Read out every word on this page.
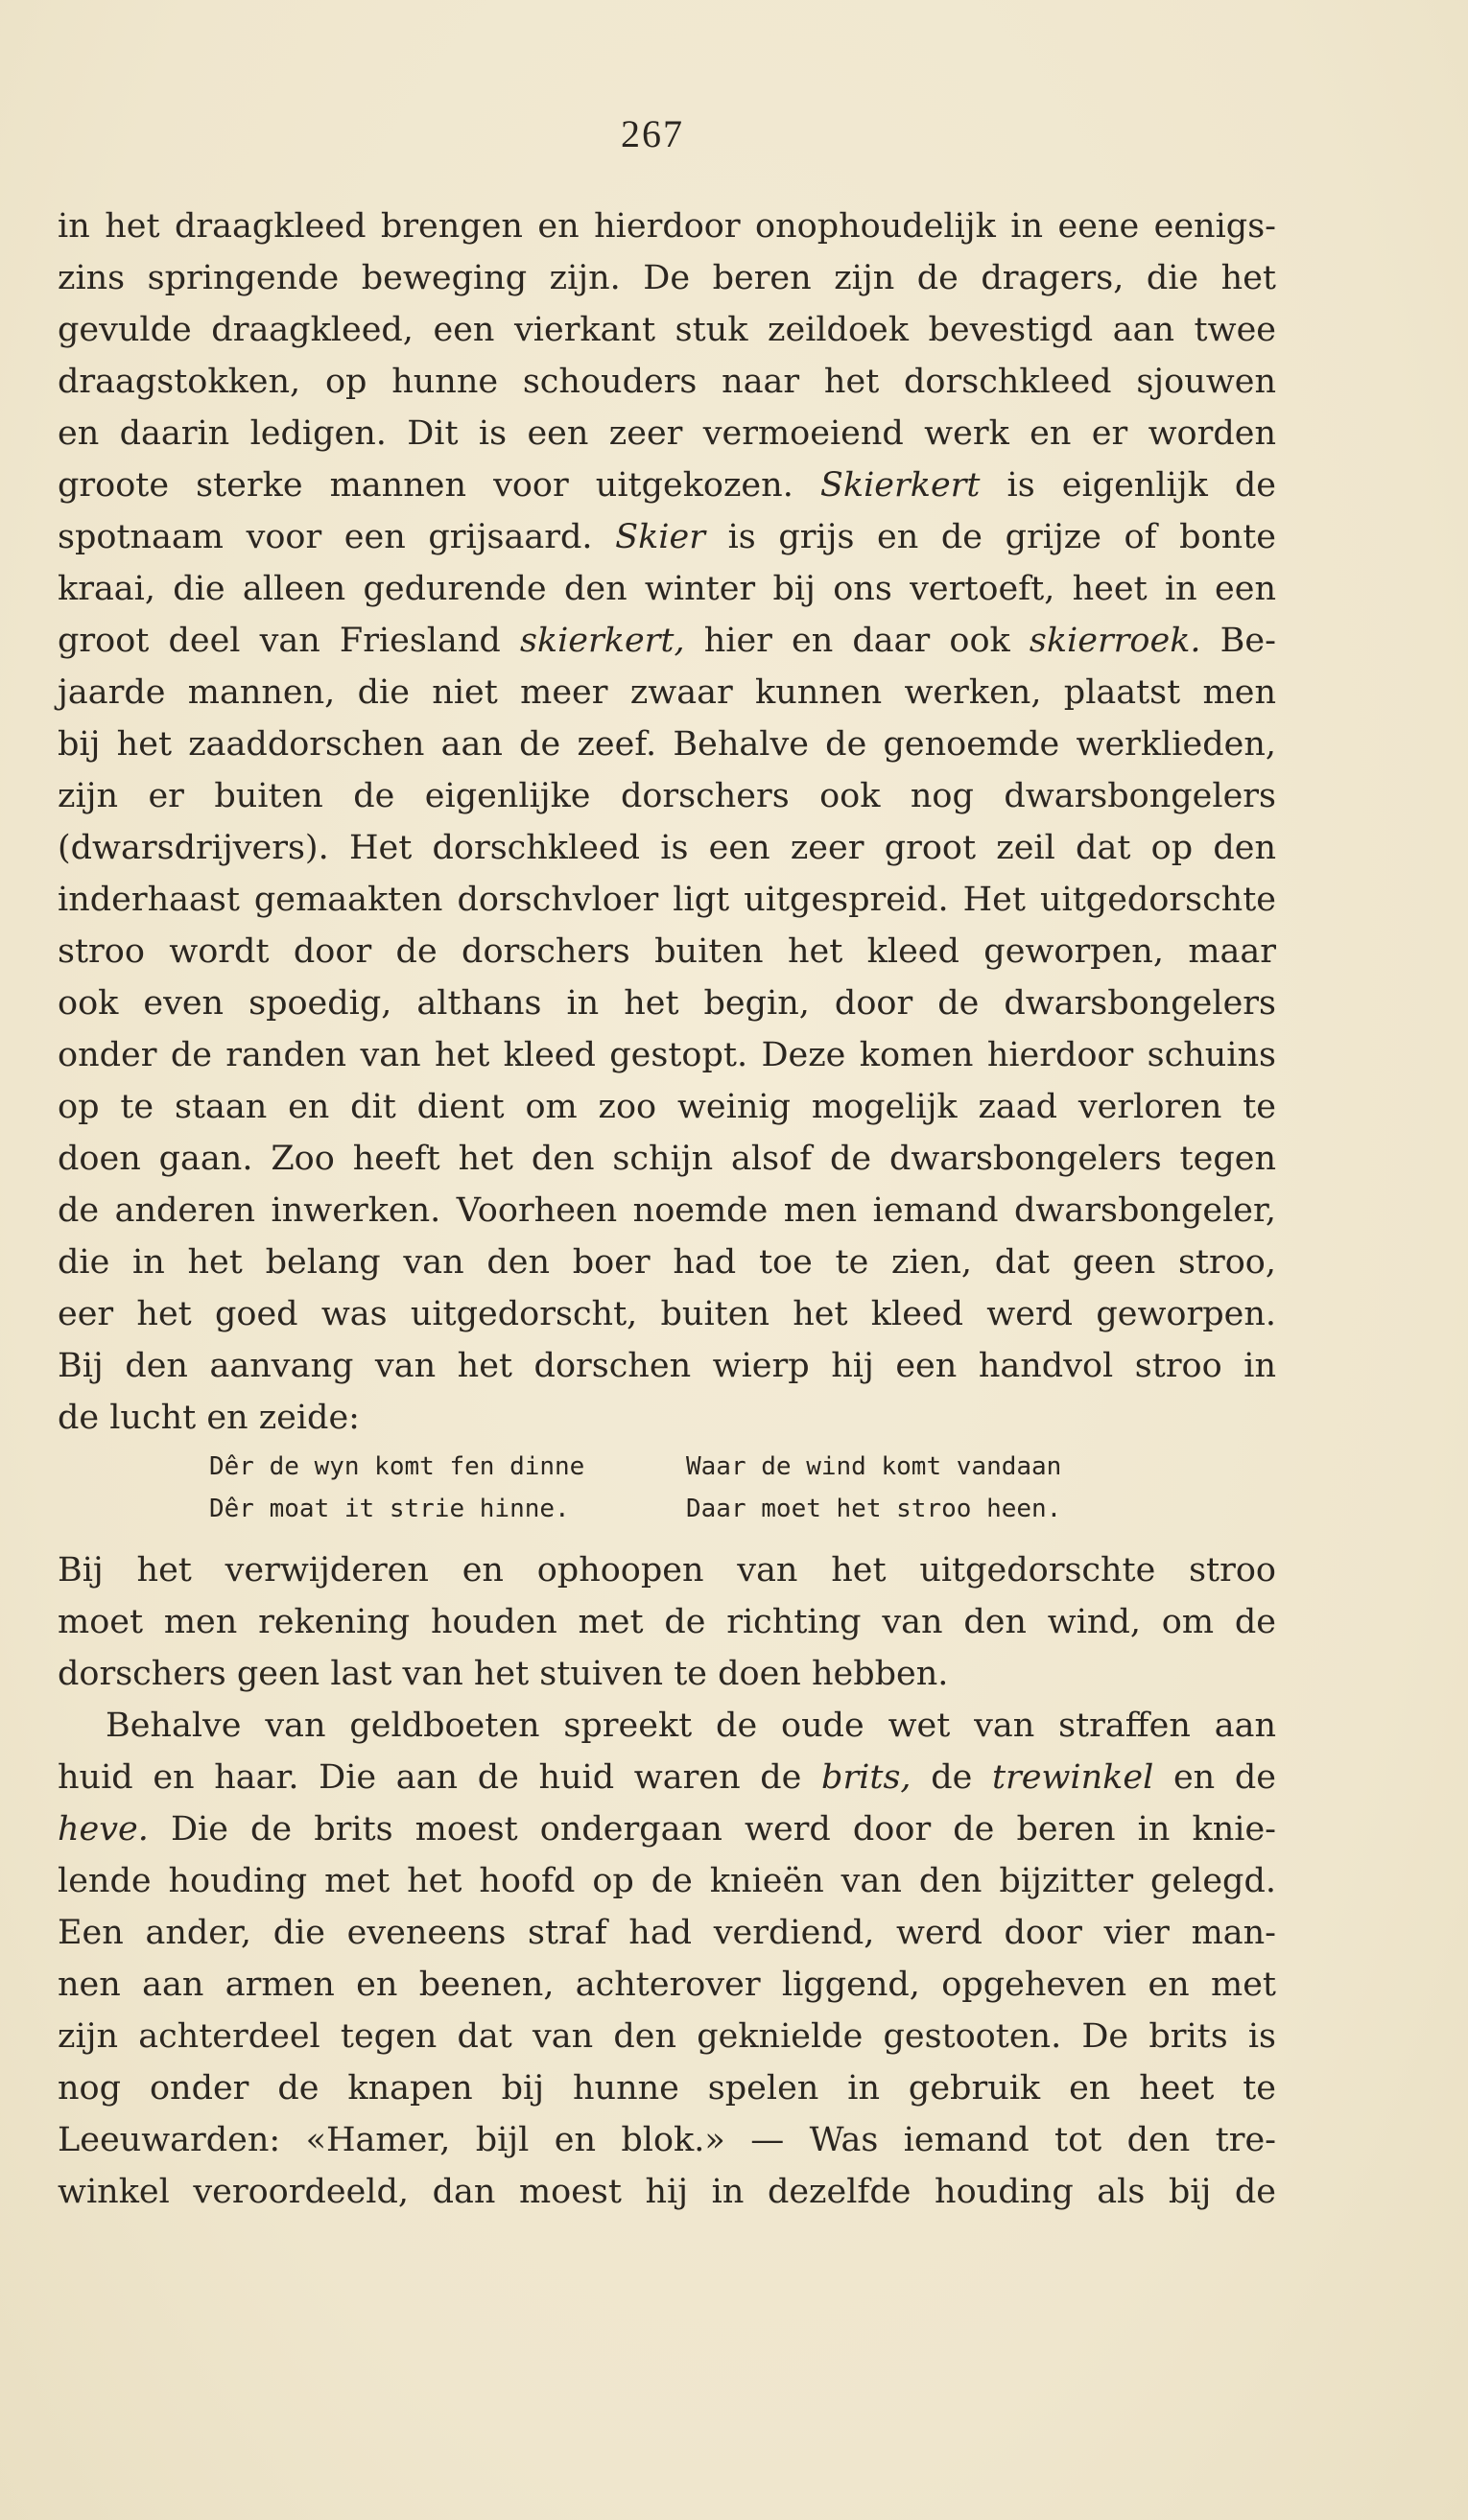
267
in het draagkleed brengen en hierdoor onophoudelijk in eene eenigs-
zins springende beweging zijn. De beren zijn de dragers, die het
gevulde draagkleed, een vierkant stuk zeildoek bevestigd aan twee
draagstokken, op hunne schouders naar het dorschkleed sjouwen
en daarin ledigen. Dit is een zeer vermoeiend werk en er worden
groote sterke mannen voor uitgekozen. Skierkert is eigenlijk de
spotnaam voor een grijsaard. Skier is grijs en de grijze of bonte
kraai, die alleen gedurende den winter bij ons vertoeft, heet in een
groot deel van Friesland skierkert, hier en daar ook skierroek. Be-
jaarde mannen, die niet meer zwaar kunnen werken, plaatst men
bij het zaaddorschen aan de zeef. Behalve de genoemde werklieden,
zijn er buiten de eigenlijke dorschers ook nog dwarsbongelers
(dwarsdrijvers). Het dorschkleed is een zeer groot zeil dat op den
inderhaast gemaakten dorschvloer ligt uitgespreid. Het uitgedorschte
stroo wordt door de dorschers buiten het kleed geworpen, maar
ook even spoedig, althans in het begin, door de dwarsbongelers
onder de randen van het kleed gestopt. Deze komen hierdoor schuins
op te staan en dit dient om zoo weinig mogelijk zaad verloren te
doen gaan. Zoo heeft het den schijn alsof de dwarsbongelers tegen
de anderen inwerken. Voorheen noemde men iemand dwarsbongeler,
die in het belang van den boer had toe te zien, dat geen stroo,
eer het goed was uitgedorscht, buiten het kleed werd geworpen.
Bij den aanvang van het dorschen wierp hij een handvol stroo in
de lucht en zeide:
Dêr de wyn komt fen dinne	Waar de wind komt vandaan
Dêr moat it strie hinne.	Daar moet het stroo heen.
Bij het verwijderen en ophoopen van het uitgedorschte stroo
moet men rekening houden met de richting van den wind, om de
dorschers geen last van het stuiven te doen hebben.
Behalve van geldboeten spreekt de oude wet van straffen aan
huid en haar. Die aan de huid waren de brits, de trewinkel en de
heve. Die de brits moest ondergaan werd door de beren in knie-
lende houding met het hoofd op de knieën van den bijzitter gelegd.
Een ander, die eveneens straf had verdiend, werd door vier man-
nen aan armen en beenen, achterover liggend, opgeheven en met
zijn achterdeel tegen dat van den geknielde gestooten. De brits is
nog onder de knapen bij hunne spelen in gebruik en heet te
Leeuwarden: «Hamer, bijl en blok.» — Was iemand tot den tre-
winkel veroordeeld, dan moest hij in dezelfde houding als bij de
